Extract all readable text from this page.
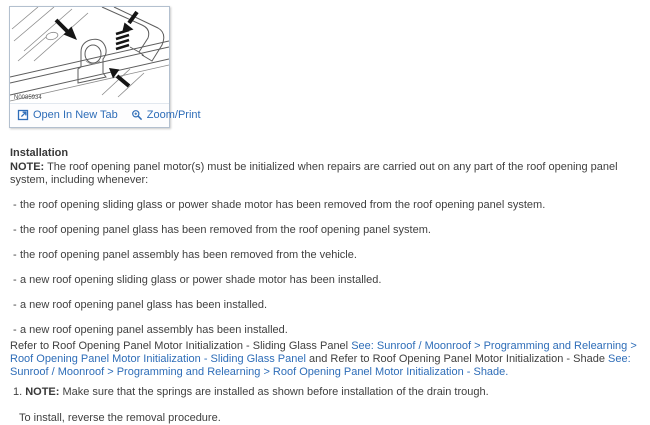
N0085934
Open In New Tab	Zoom/Print

Installation

NOTE: The roof opening panel motor(s) must be initialized when repairs are carried out on any part of the roof opening panel system, including whenever:

- the roof opening sliding glass or power shade motor has been removed from the roof opening panel system.
- the roof opening panel glass has been removed from the roof opening panel system.
- the roof opening panel assembly has been removed from the vehicle.
- a new roof opening sliding glass or power shade motor has been installed.
- a new roof opening panel glass has been installed.
- a new roof opening panel assembly has been installed.

Refer to Roof Opening Panel Motor Initialization - Sliding Glass Panel See: Sunroof / Moonroof > Programming and Relearning > Roof Opening Panel Motor Initialization - Sliding Glass Panel and Refer to Roof Opening Panel Motor Initialization - Shade See: Sunroof / Moonroof > Programming and Relearning > Roof Opening Panel Motor Initialization - Shade.

1. NOTE: Make sure that the springs are installed as shown before installation of the drain trough.
To install, reverse the removal procedure.
